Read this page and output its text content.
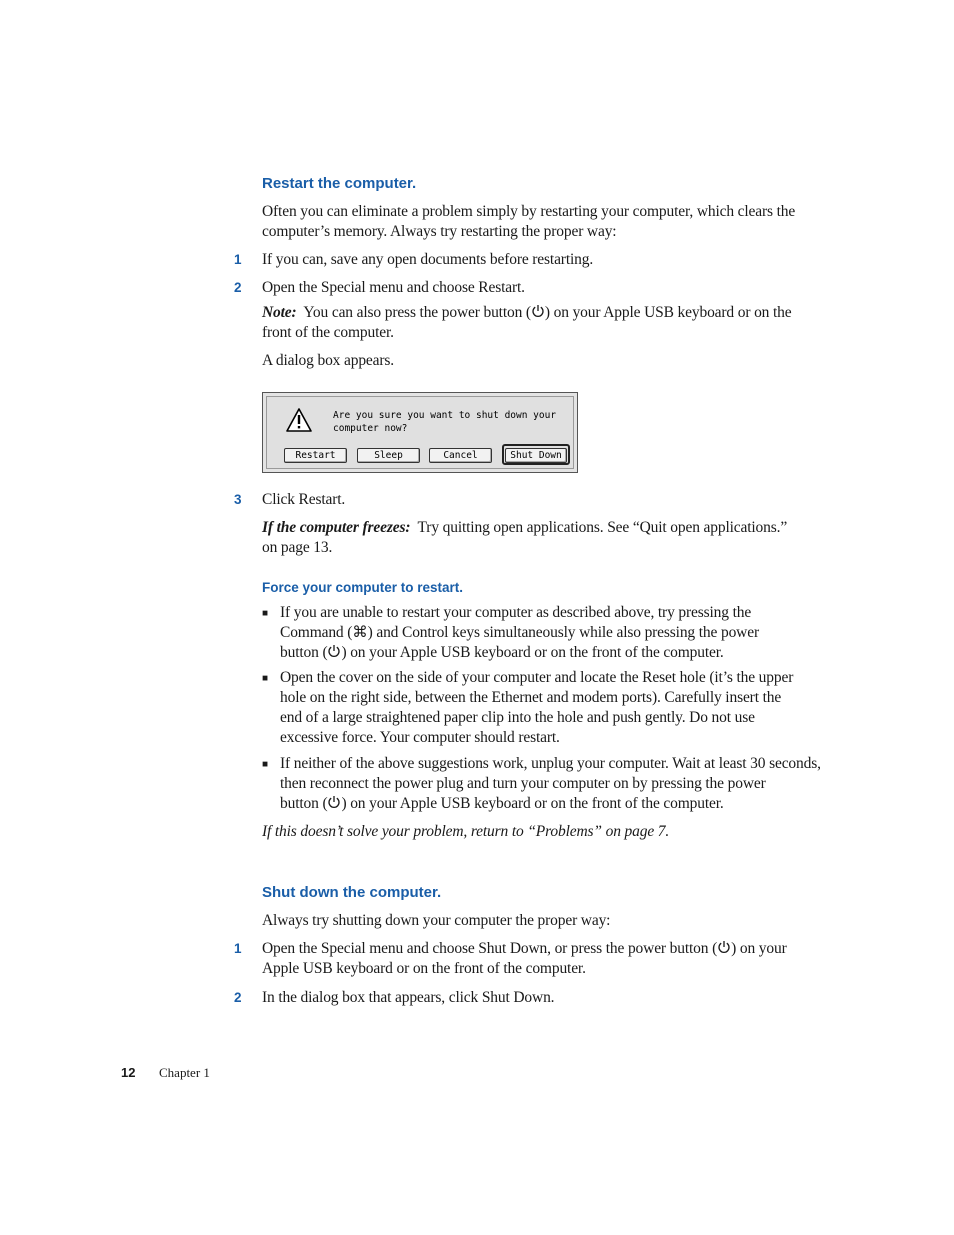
Restart the computer.

Often you can eliminate a problem simply by restarting your computer, which clears the computer’s memory. Always try restarting the proper way:

1	If you can, save any open documents before restarting.

2	Open the Special menu and choose Restart.

Note: You can also press the power button ( ) on your Apple USB keyboard or on the front of the computer.

A dialog box appears.

Are you sure you want to shut down your
computer now?
Restart	Sleep	Cancel	Shut Down
3	Click Restart.

If the computer freezes: Try quitting open applications. See “Quit open applications.” on page 13.

Force your computer to restart.
■ If you are unable to restart your computer as described above, try pressing the
Command (⌘) and Control keys simultaneously while also pressing the power
button ( ) on your Apple USB keyboard or on the front of the computer.
■ Open the cover on the side of your computer and locate the Reset hole (it’s the upper hole on the right side, between the Ethernet and modem ports). Carefully insert the end of a large straightened paper clip into the hole and push gently. Do not use excessive force. Your computer should restart.

■ If neither of the above suggestions work, unplug your computer. Wait at least 30 seconds,
then reconnect the power plug and turn your computer on by pressing the power
button ( ) on your Apple USB keyboard or on the front of the computer.

If this doesn’t solve your problem, return to “Problems” on page 7.

Shut down the computer.

Always try shutting down your computer the proper way:

1	Open the Special menu and choose Shut Down, or press the power button ( ) on your
Apple USB keyboard or on the front of the computer.
2	In the dialog box that appears, click Shut Down.

12 Chapter 1
